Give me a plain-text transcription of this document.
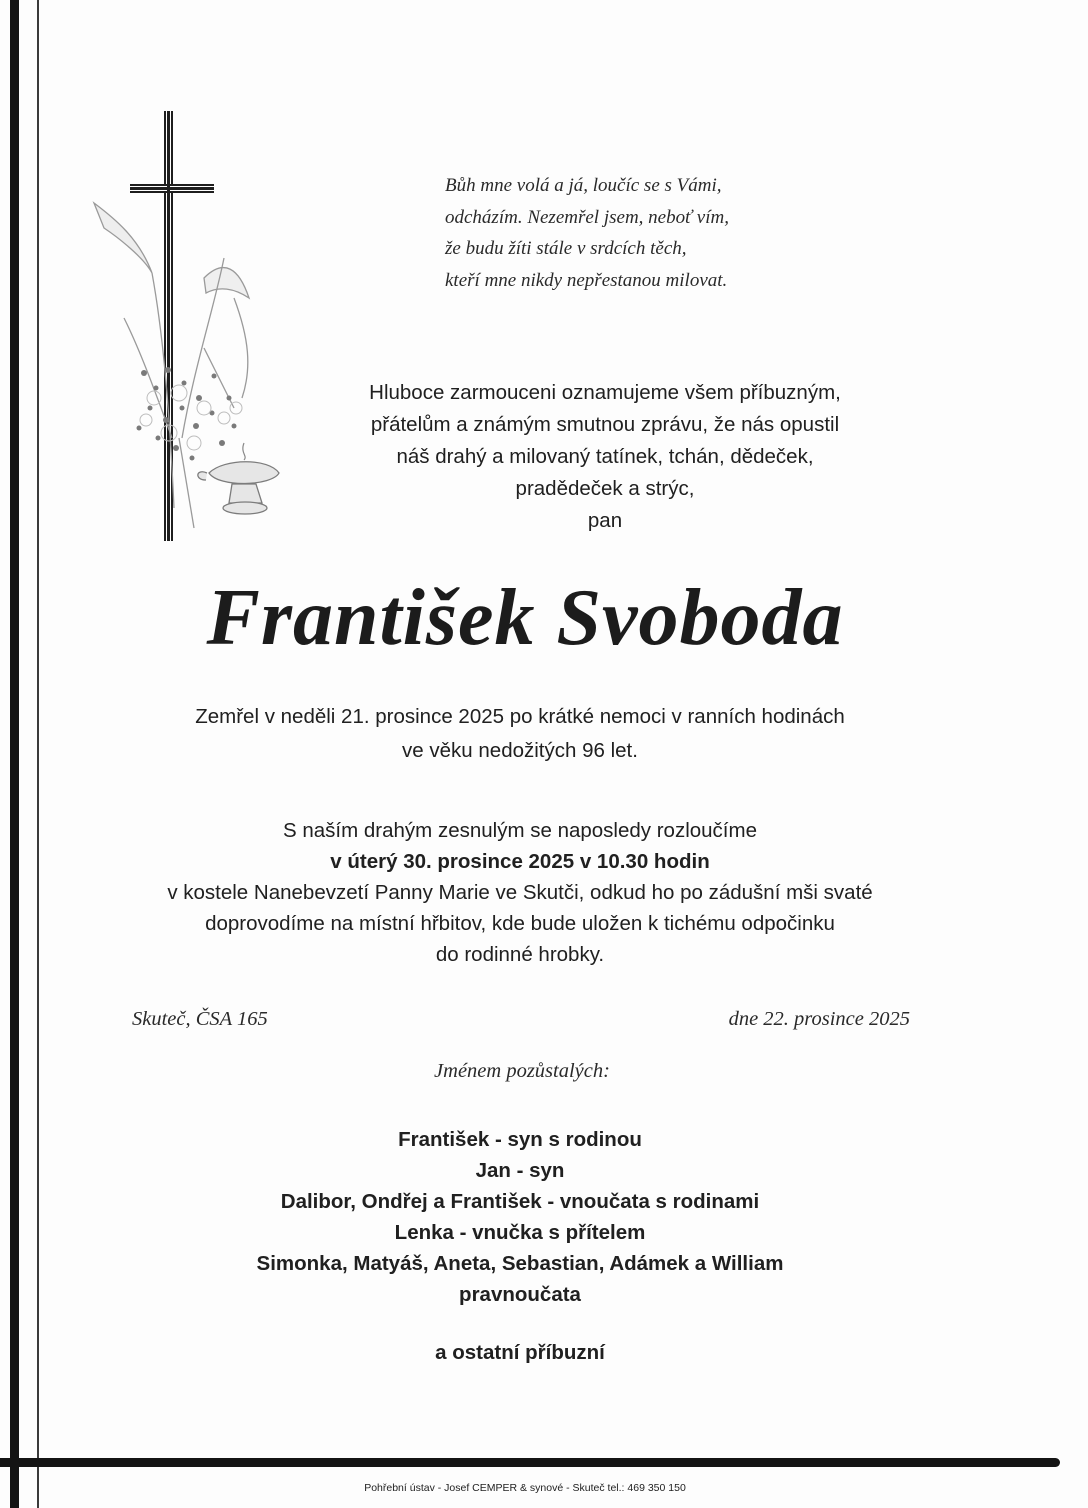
Bůh mne volá a já, loučíc se s Vámi,
odcházím. Nezemřel jsem, neboť vím,
že budu žíti stále v srdcích těch,
kteří mne nikdy nepřestanou milovat.
Hluboce zarmouceni oznamujeme všem příbuzným,
přátelům a známým smutnou zprávu, že nás opustil
náš drahý a milovaný tatínek, tchán, dědeček,
pradědeček a strýc,
pan
František Svoboda
Zemřel v neděli 21. prosince 2025 po krátké nemoci v ranních hodinách
ve věku nedožitých 96 let.
S naším drahým zesnulým se naposledy rozloučíme
v úterý 30. prosince 2025 v 10.30 hodin
v kostele Nanebevzetí Panny Marie ve Skutči, odkud ho po zádušní mši svaté
doprovodíme na místní hřbitov, kde bude uložen k tichému odpočinku
do rodinné hrobky.
Skuteč, ČSA 165	dne 22. prosince 2025
Jménem pozůstalých:
František - syn s rodinou
Jan - syn
Dalibor, Ondřej a František - vnoučata s rodinami
Lenka - vnučka s přítelem
Simonka, Matyáš, Aneta, Sebastian, Adámek a William
pravnoučata
a ostatní příbuzní
Pohřební ústav - Josef CEMPER & synové - Skuteč tel.: 469 350 150
